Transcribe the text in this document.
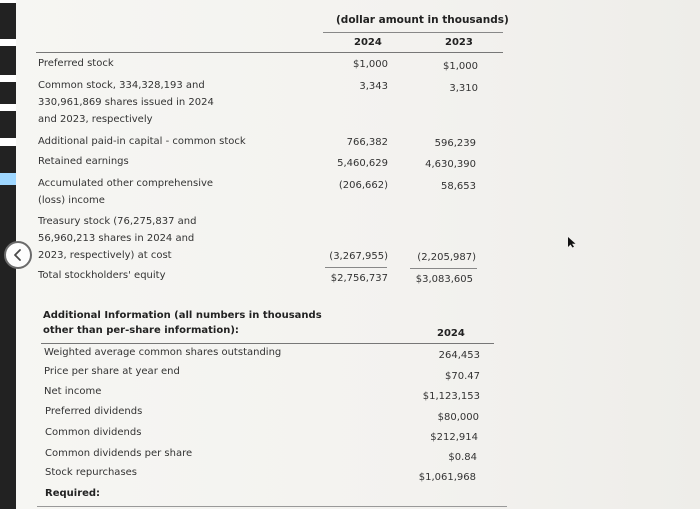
(dollar amount in thousands)
2024	2023
Preferred stock
Common stock, 334,328,193 and
330,961,869 shares issued in 2024
and 2023, respectively
Additional paid-in capital - common stock
Retained earnings
Accumulated other comprehensive
(loss) income
Treasury stock (76,275,837 and
56,960,213 shares in 2024 and
2023, respectively) at cost
Total stockholders' equity
$1,000
3,343
766,382
5,460,629
(206,662)
(3,267,955)
$2,756,737
$1,000
3,310
596,239
4,630,390
58,653
(2,205,987)
$3,083,605
Additional Information (all numbers in thousands
other than per-share information):	2024
Weighted average common shares outstanding
Price per share at year end
Net income
Preferred dividends
Common dividends
Common dividends per share
Stock repurchases
Required:
264,453
$70.47
$1,123,153
$80,000
$212,914
$0.84
$1,061,968
